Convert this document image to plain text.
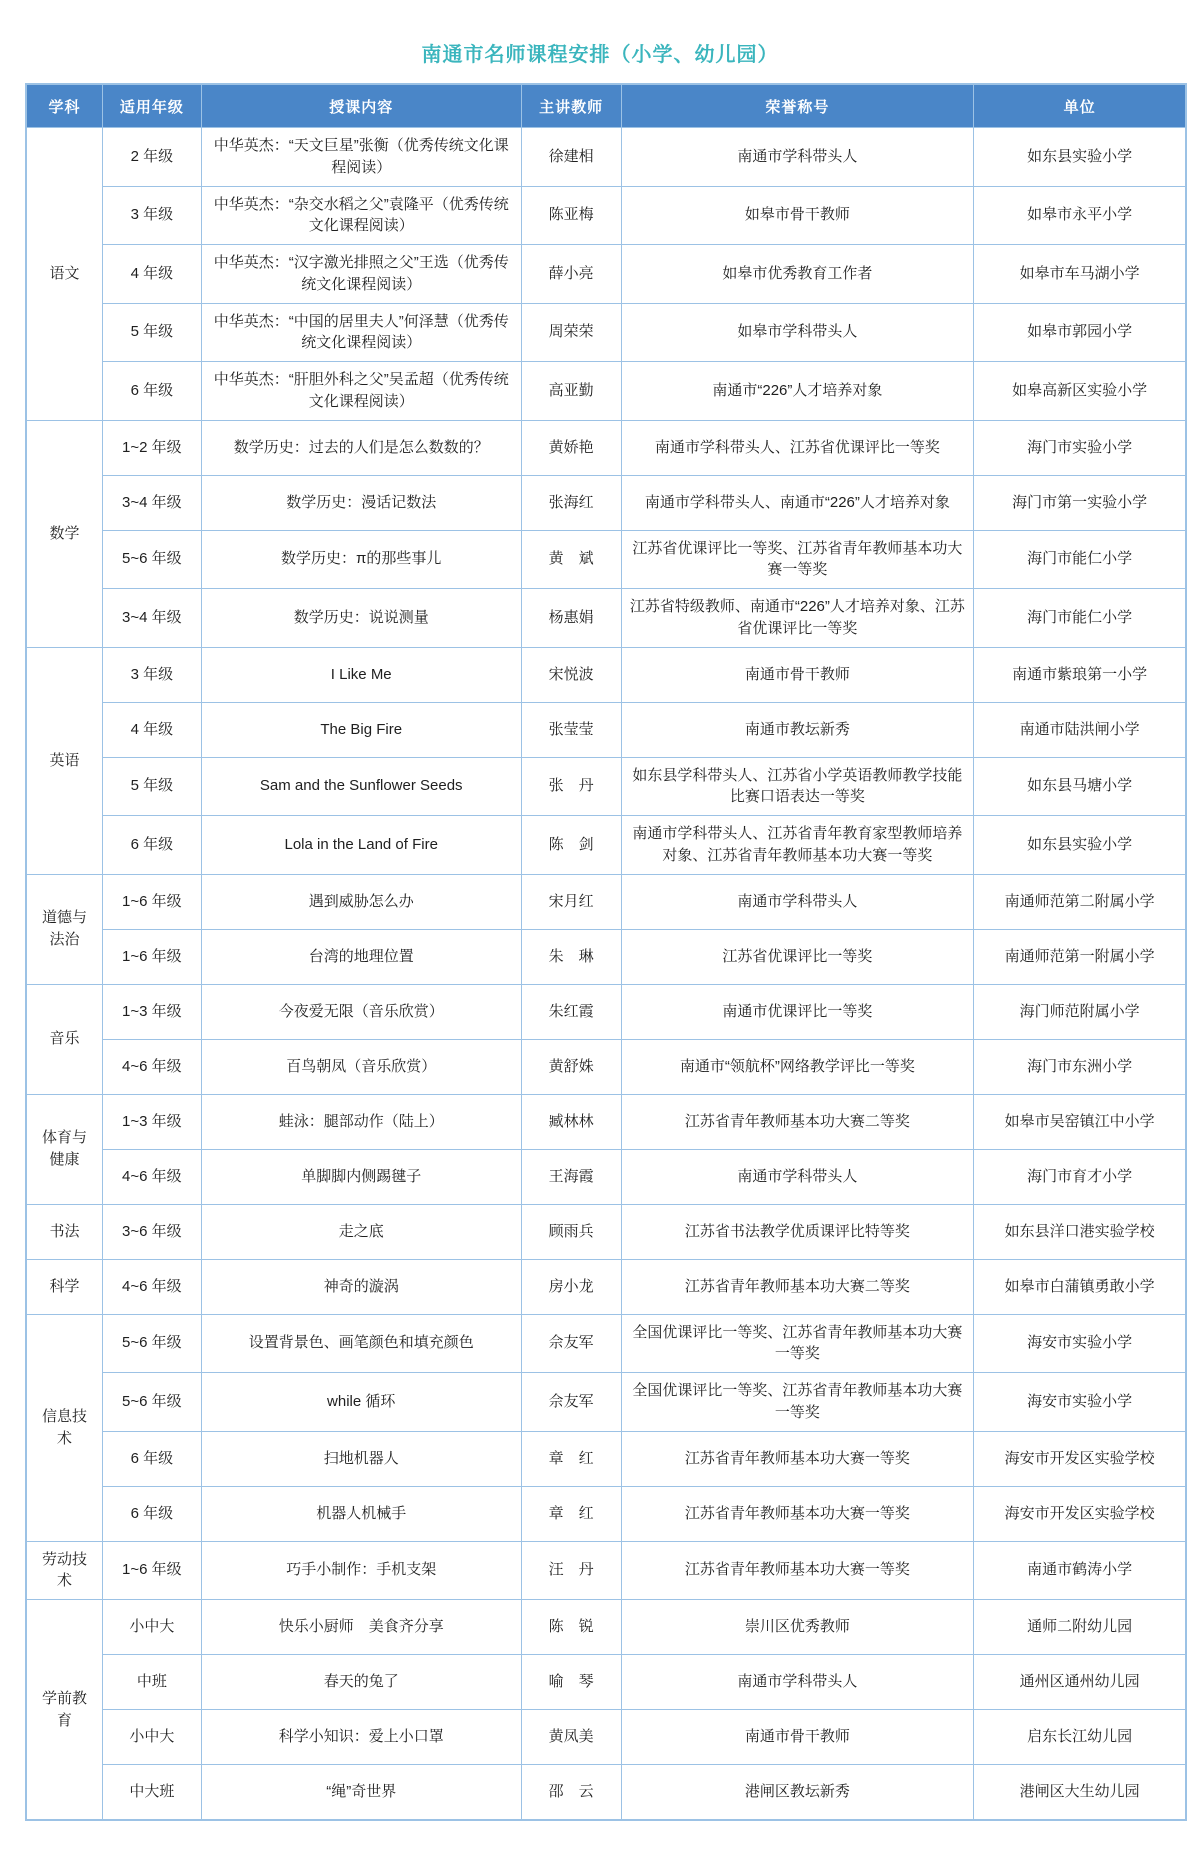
南通市名师课程安排（小学、幼儿园）
学科	适用年级	授课内容	主讲教师	荣誉称号	单位
语文	2 年级	中华英杰：“天文巨星”张衡（优秀传统文化课程阅读）	徐建相	南通市学科带头人	如东县实验小学
	3 年级	中华英杰：“杂交水稻之父”袁隆平（优秀传统文化课程阅读）	陈亚梅	如皋市骨干教师	如皋市永平小学
	4 年级	中华英杰：“汉字激光排照之父”王选（优秀传统文化课程阅读）	薛小亮	如皋市优秀教育工作者	如皋市车马湖小学
	5 年级	中华英杰：“中国的居里夫人”何泽慧（优秀传统文化课程阅读）	周荣荣	如皋市学科带头人	如皋市郭园小学
	6 年级	中华英杰：“肝胆外科之父”吴孟超（优秀传统文化课程阅读）	高亚勤	南通市“226”人才培养对象	如皋高新区实验小学
数学	1~2 年级	数学历史：过去的人们是怎么数数的？	黄娇艳	南通市学科带头人、江苏省优课评比一等奖	海门市实验小学
	3~4 年级	数学历史：漫话记数法	张海红	南通市学科带头人、南通市“226”人才培养对象	海门市第一实验小学
	5~6 年级	数学历史：π的那些事儿	黄　斌	江苏省优课评比一等奖、江苏省青年教师基本功大赛一等奖	海门市能仁小学
	3~4 年级	数学历史：说说测量	杨惠娟	江苏省特级教师、南通市“226”人才培养对象、江苏省优课评比一等奖	海门市能仁小学
英语	3 年级	I Like Me	宋悦波	南通市骨干教师	南通市紫琅第一小学
	4 年级	The Big Fire	张莹莹	南通市教坛新秀	南通市陆洪闸小学
	5 年级	Sam and the Sunflower Seeds	张　丹	如东县学科带头人、江苏省小学英语教师教学技能比赛口语表达一等奖	如东县马塘小学
	6 年级	Lola in the Land of Fire	陈　剑	南通市学科带头人、江苏省青年教育家型教师培养对象、江苏省青年教师基本功大赛一等奖	如东县实验小学
道德与法治	1~6 年级	遇到威胁怎么办	宋月红	南通市学科带头人	南通师范第二附属小学
	1~6 年级	台湾的地理位置	朱　琳	江苏省优课评比一等奖	南通师范第一附属小学
音乐	1~3 年级	今夜爱无限（音乐欣赏）	朱红霞	南通市优课评比一等奖	海门师范附属小学
	4~6 年级	百鸟朝凤（音乐欣赏）	黄舒姝	南通市“领航杯”网络教学评比一等奖	海门市东洲小学
体育与健康	1~3 年级	蛙泳：腿部动作（陆上）	臧林林	江苏省青年教师基本功大赛二等奖	如皋市吴窑镇江中小学
	4~6 年级	单脚脚内侧踢毽子	王海霞	南通市学科带头人	海门市育才小学
书法	3~6 年级	走之底	顾雨兵	江苏省书法教学优质课评比特等奖	如东县洋口港实验学校
科学	4~6 年级	神奇的漩涡	房小龙	江苏省青年教师基本功大赛二等奖	如皋市白蒲镇勇敢小学
信息技术	5~6 年级	设置背景色、画笔颜色和填充颜色	佘友军	全国优课评比一等奖、江苏省青年教师基本功大赛一等奖	海安市实验小学
	5~6 年级	while 循环	佘友军	全国优课评比一等奖、江苏省青年教师基本功大赛一等奖	海安市实验小学
	6 年级	扫地机器人	章　红	江苏省青年教师基本功大赛一等奖	海安市开发区实验学校
	6 年级	机器人机械手	章　红	江苏省青年教师基本功大赛一等奖	海安市开发区实验学校
劳动技术	1~6 年级	巧手小制作：手机支架	汪　丹	江苏省青年教师基本功大赛一等奖	南通市鹤涛小学
学前教育	小中大	快乐小厨师　美食齐分享	陈　锐	崇川区优秀教师	通师二附幼儿园
	中班	春天的兔了	喻　琴	南通市学科带头人	通州区通州幼儿园
	小中大	科学小知识：爱上小口罩	黄凤美	南通市骨干教师	启东长江幼儿园
	中大班	“绳”奇世界	邵　云	港闸区教坛新秀	港闸区大生幼儿园
